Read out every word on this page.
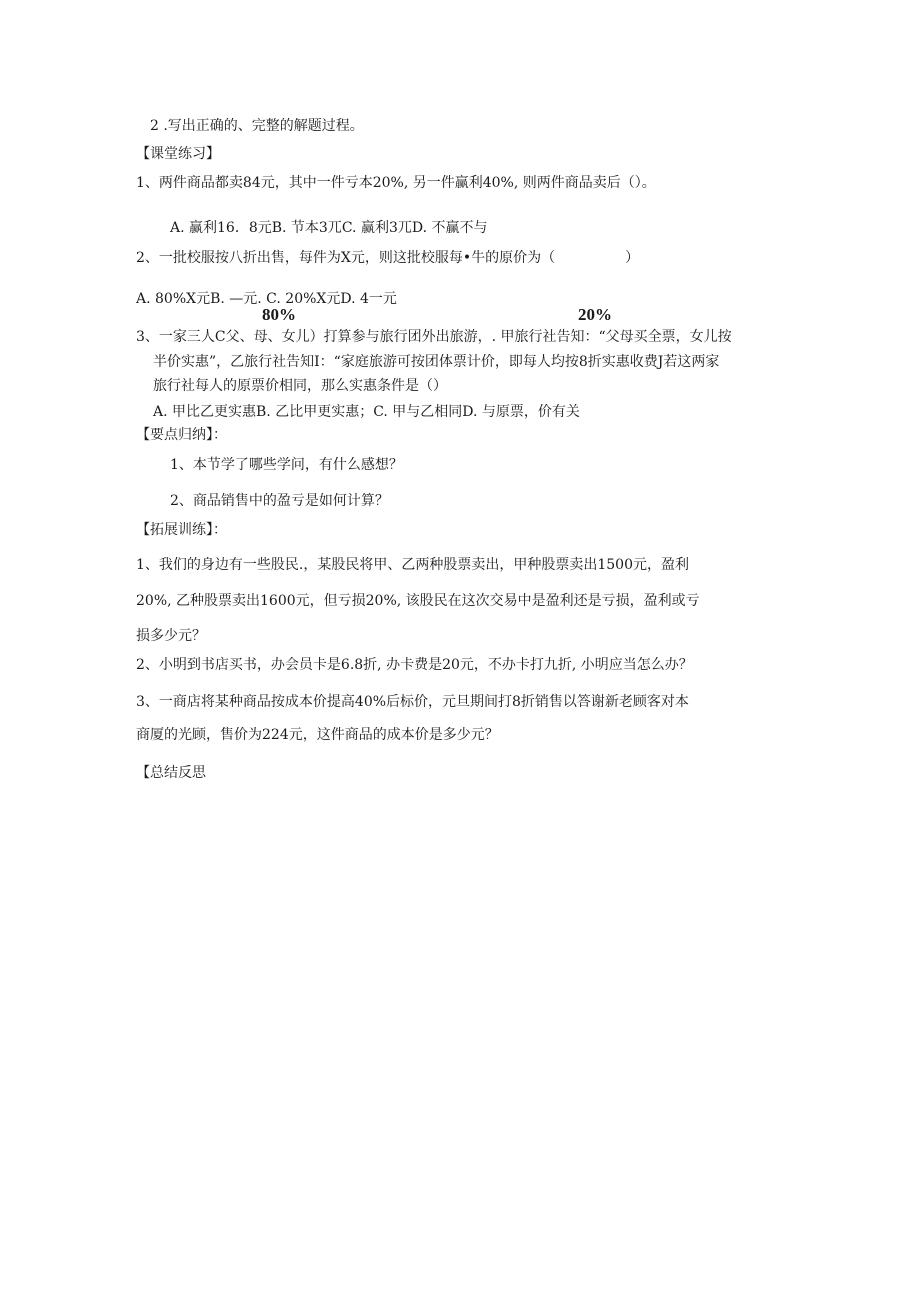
2 .写出正确的、完整的解题过程。

【课堂练习】

1、两件商品都卖84元，其中一件亏本20%, 另一件赢利40%, 则两件商品卖后（）。

A. 赢利16．8元B. 节本3兀C. 赢利3兀D. 不赢不与

2、一批校服按八折出售，每件为X元，则这批校服每•牛的原价为（　　　　　）

A. 80%X元B. —元. C. 20%X元D. 4一元

80%	20%

3、一家三人C父、母、女儿）打算参与旅行团外出旅游，. 甲旅行社告知：“父母买全票，女儿按

半价实惠”，乙旅行社告知I：“家庭旅游可按团体票计价，即每人均按8折实惠收费J若这两家

旅行社每人的原票价相同，那么实惠条件是（）

A. 甲比乙更实惠B. 乙比甲更实惠；C. 甲与乙相同D. 与原票，价有关

【要点归纳】：

1、本节学了哪些学问，有什么感想？

2、商品销售中的盈亏是如何计算？

【拓展训练】：

1、我们的身边有一些股民.，某股民将甲、乙两种股票卖出，甲种股票卖出1500元，盈利

20%, 乙种股票卖出1600元，但亏损20%, 该股民在这次交易中是盈利还是亏损，盈利或亏

损多少元？

2、小明到书店买书，办会员卡是6.8折, 办卡费是20元，不办卡打九折, 小明应当怎么办？

3、一商店将某种商品按成本价提高40%后标价，元旦期间打8折销售以答谢新老顾客对本

商厦的光顾，售价为224元，这件商品的成本价是多少元？

【总结反思
